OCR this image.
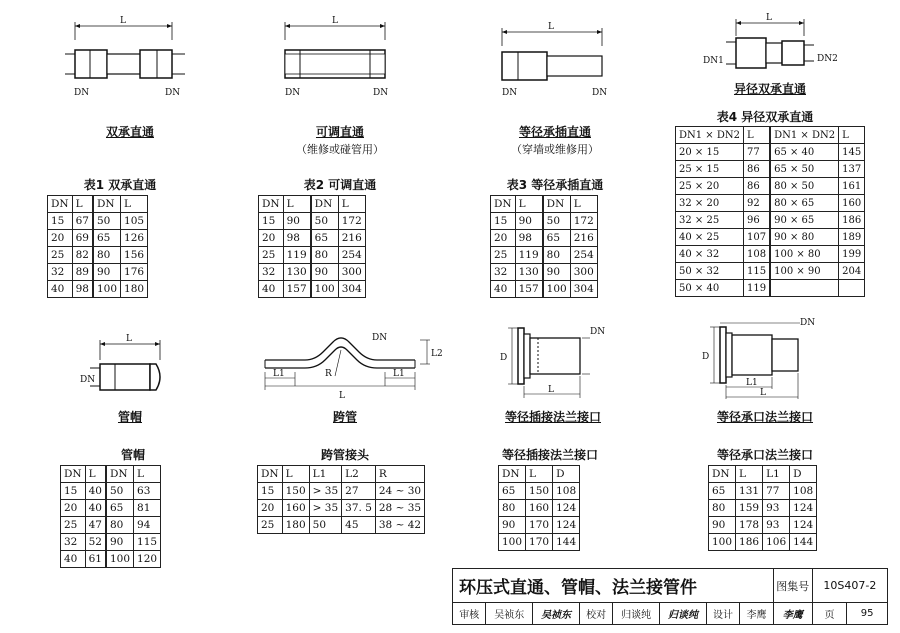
L
DN	DN
双承直通
表1 双承直通
DN	L	DN	L
15	67	50	105
20	69	65	126
25	82	80	156
32	89	90	176
40	98	100	180
L
DN	DN
可调直通
（维修或碰管用）
表2 可调直通
DN	L	DN	L
15	90	50	172
20	98	65	216
25	119	80	254
32	130	90	300
40	157	100	304
L
DN	DN
等径承插直通
（穿墙或维修用）
表3 等径承插直通
DN	L	DN	L
15	90	50	172
20	98	65	216
25	119	80	254
32	130	90	300
40	157	100	304
L
DN1	DN2
异径双承直通
表4 异径双承直通
DN1 × DN2	L	DN1 × DN2	L
20 × 15	77	65 × 40	145
25 × 15	86	65 × 50	137
25 × 20	86	80 × 50	161
32 × 20	92	80 × 65	160
32 × 25	96	90 × 65	186
40 × 25	107	90 × 80	189
40 × 32	108	100 × 80	199
50 × 32	115	100 × 90	204
50 × 40	119		
L
DN
管帽
管帽
DN	L	DN	L
15	40	50	63
20	40	65	81
25	47	80	94
32	52	90	115
40	61	100	120
L
L1	L1
L2
R
DN
跨管
跨管接头
DN	L	L1	L2	R
15	150	> 35	27	24 ~ 30
20	160	> 35	37. 5	28 ~ 35
25	180	50	45	38 ~ 42
D
L
DN
等径插接法兰接口
等径插接法兰接口
DN	L	D
65	150	108
80	160	124
90	170	124
100	170	144
D
L1
L
DN
等径承口法兰接口
等径承口法兰接口
DN	L	L1	D
65	131	77	108
80	159	93	124
90	178	93	124
100	186	106	144
环压式直通、管帽、法兰接管件								图集号	10S407-2	
审核	吴祯东	吴祯东	校对	归谈纯	归谈纯	设计	李鹰	李鹰	页	95
